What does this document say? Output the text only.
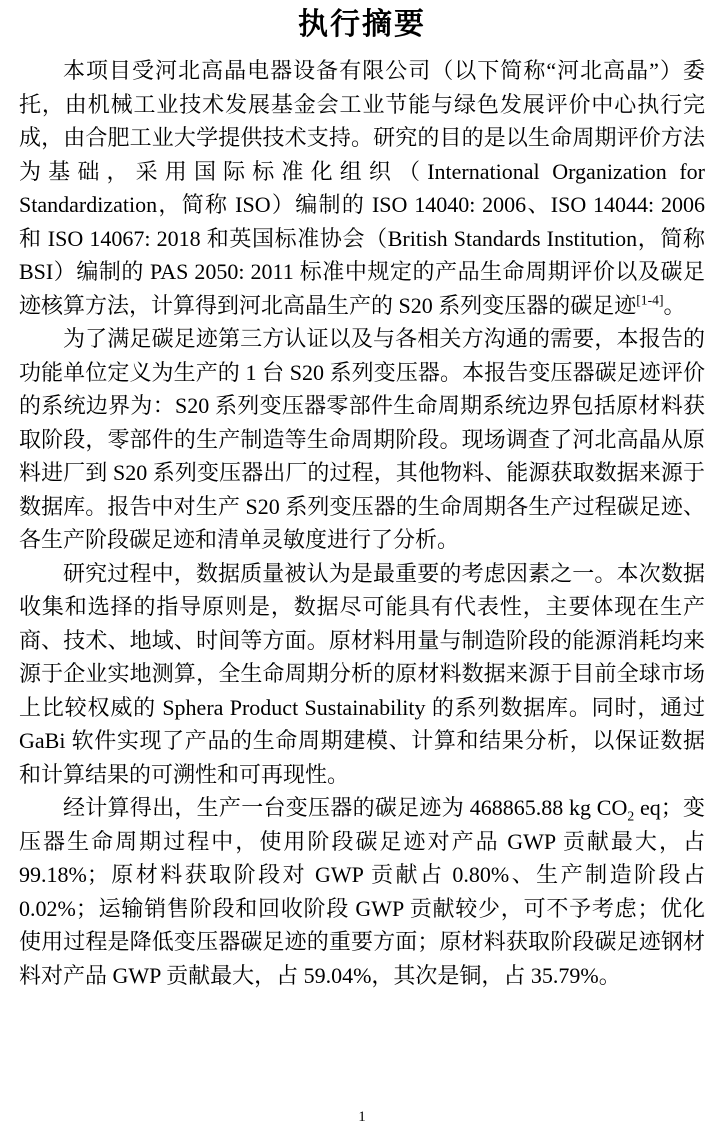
执行摘要

本项目受河北高晶电器设备有限公司（以下简称“河北高晶”）委托，由机械工业技术发展基金会工业节能与绿色发展评价中心执行完成，由合肥工业大学提供技术支持。研究的目的是以生命周期评价方法为基础，采用国际标准化组织（International Organization for Standardization，简称 ISO）编制的 ISO 14040: 2006、ISO 14044: 2006 和 ISO 14067: 2018 和英国标准协会（British Standards Institution，简称 BSI）编制的 PAS 2050: 2011 标准中规定的产品生命周期评价以及碳足迹核算方法，计算得到河北高晶生产的 S20 系列变压器的碳足迹[1-4]。

为了满足碳足迹第三方认证以及与各相关方沟通的需要，本报告的功能单位定义为生产的 1 台 S20 系列变压器。本报告变压器碳足迹评价的系统边界为：S20 系列变压器零部件生命周期系统边界包括原材料获取阶段，零部件的生产制造等生命周期阶段。现场调查了河北高晶从原料进厂到 S20 系列变压器出厂的过程，其他物料、能源获取数据来源于数据库。报告中对生产 S20 系列变压器的生命周期各生产过程碳足迹、各生产阶段碳足迹和清单灵敏度进行了分析。

研究过程中，数据质量被认为是最重要的考虑因素之一。本次数据收集和选择的指导原则是，数据尽可能具有代表性，主要体现在生产商、技术、地域、时间等方面。原材料用量与制造阶段的能源消耗均来源于企业实地测算，全生命周期分析的原材料数据来源于目前全球市场上比较权威的 Sphera Product Sustainability 的系列数据库。同时，通过 GaBi 软件实现了产品的生命周期建模、计算和结果分析，以保证数据和计算结果的可溯性和可再现性。

经计算得出，生产一台变压器的碳足迹为 468865.88 kg $CO_2$ eq；变压器生命周期过程中，使用阶段碳足迹对产品 GWP 贡献最大，占 99.18%；原材料获取阶段对 GWP 贡献占 0.80%、生产制造阶段占 0.02%；运输销售阶段和回收阶段 GWP 贡献较少，可不予考虑；优化使用过程是降低变压器碳足迹的重要方面；原材料获取阶段碳足迹钢材料对产品 GWP 贡献最大，占 59.04%，其次是铜，占 35.79%。

1
